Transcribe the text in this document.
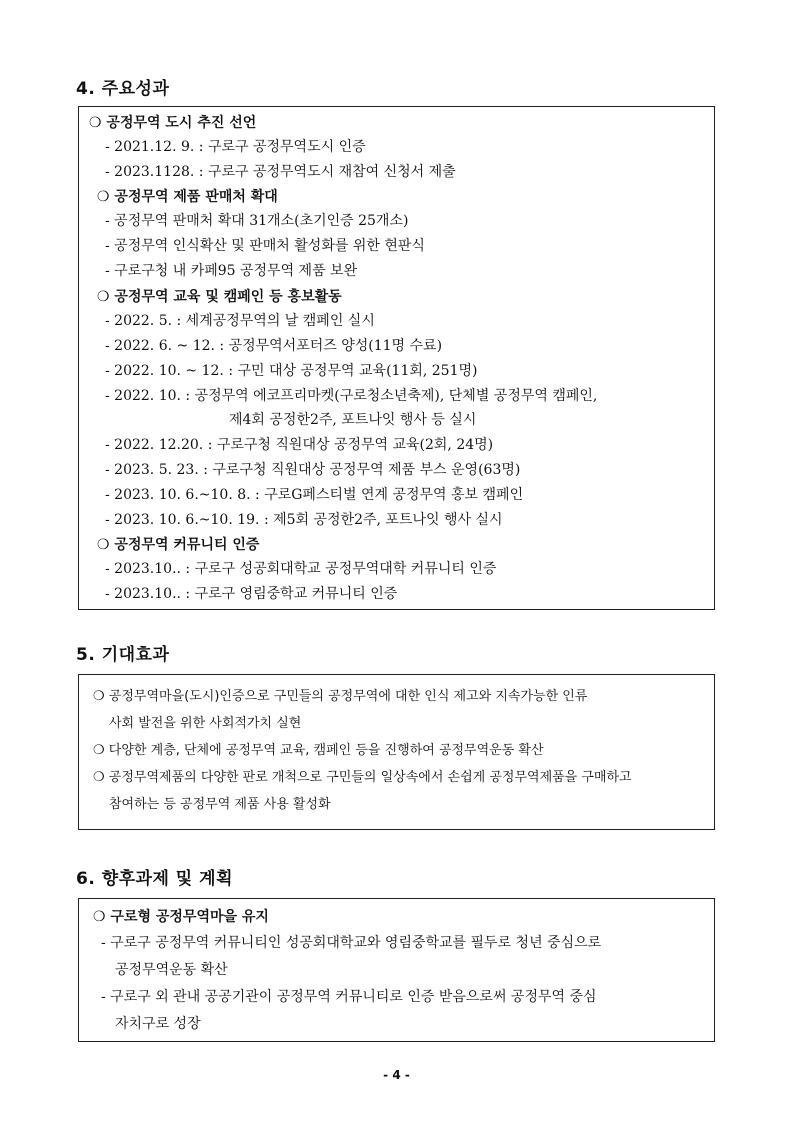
4. 주요성과
❍ 공정무역 도시 추진 선언
- 2021.12. 9. : 구로구 공정무역도시 인증
- 2023.1128. : 구로구 공정무역도시 재참여 신청서 제출
❍ 공정무역 제품 판매처 확대
- 공정무역 판매처 확대 31개소(초기인증 25개소)
- 공정무역 인식확산 및 판매처 활성화를 위한 현판식
- 구로구청 내 카페95 공정무역 제품 보완
❍ 공정무역 교육 및 캠페인 등 홍보활동
- 2022. 5. : 세계공정무역의 날 캠페인 실시
- 2022. 6. ~ 12. : 공정무역서포터즈 양성(11명 수료)
- 2022. 10. ~ 12. : 구민 대상 공정무역 교육(11회, 251명)
- 2022. 10. : 공정무역 에코프리마켓(구로청소년축제), 단체별 공정무역 캠페인,
제4회 공정한2주, 포트나잇 행사 등 실시
- 2022. 12.20. : 구로구청 직원대상 공정무역 교육(2회, 24명)
- 2023. 5. 23. : 구로구청 직원대상 공정무역 제품 부스 운영(63명)
- 2023. 10. 6.~10. 8. : 구로G페스티벌 연계 공정무역 홍보 캠페인
- 2023. 10. 6.~10. 19. : 제5회 공정한2주, 포트나잇 행사 실시
❍ 공정무역 커뮤니티 인증
- 2023.10.. : 구로구 성공회대학교 공정무역대학 커뮤니티 인증
- 2023.10.. : 구로구 영림중학교 커뮤니티 인증
5. 기대효과
❍ 공정무역마을(도시)인증으로 구민들의 공정무역에 대한 인식 제고와 지속가능한 인류
사회 발전을 위한 사회적가치 실현
❍ 다양한 계층, 단체에 공정무역 교육, 캠페인 등을 진행하여 공정무역운동 확산
❍ 공정무역제품의 다양한 판로 개척으로 구민들의 일상속에서 손쉽게 공정무역제품을 구매하고
참여하는 등 공정무역 제품 사용 활성화
6. 향후과제 및 계획
❍ 구로형 공정무역마을 유지
- 구로구 공정무역 커뮤니티인 성공회대학교와 영림중학교를 필두로 청년 중심으로
공정무역운동 확산
- 구로구 외 관내 공공기관이 공정무역 커뮤니티로 인증 받음으로써 공정무역 중심
자치구로 성장
- 4 -
